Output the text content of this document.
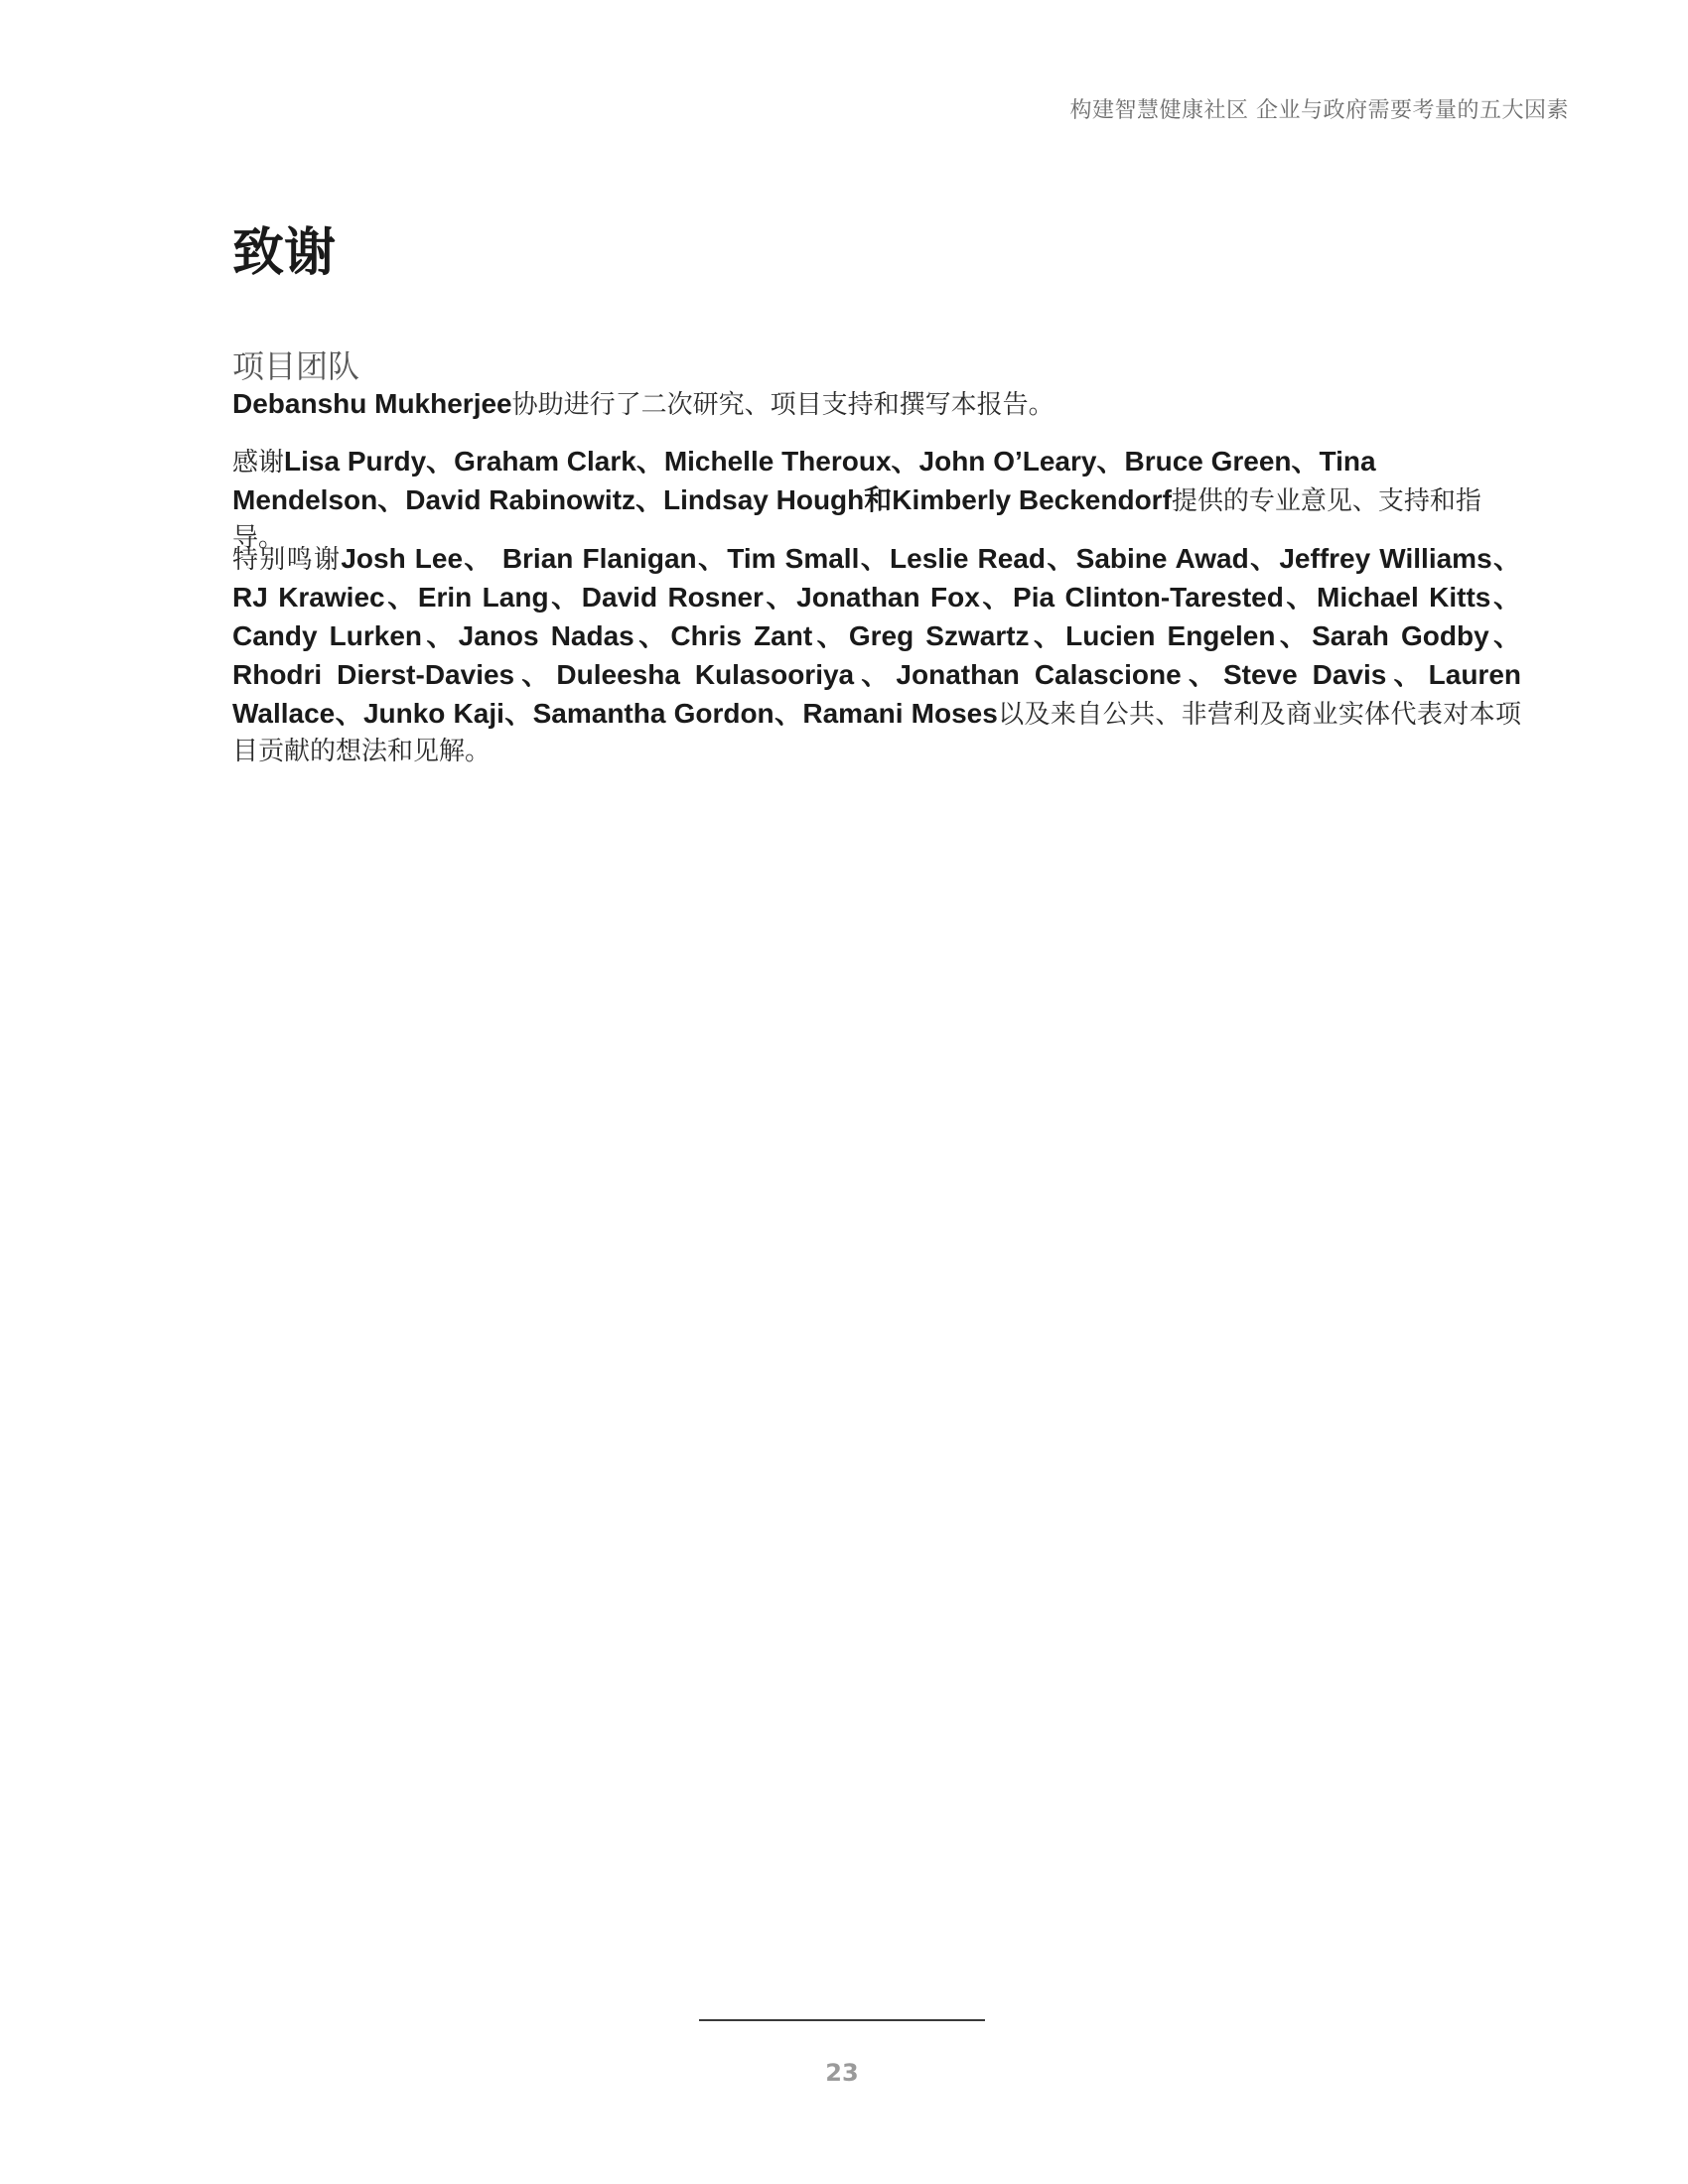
构建智慧健康社区 企业与政府需要考量的五大因素
致谢
项目团队

Debanshu Mukherjee协助进行了二次研究、项目支持和撰写本报告。

感谢Lisa Purdy、Graham Clark、Michelle Theroux、John O’Leary、Bruce Green、Tina Mendelson、David Rabinowitz、Lindsay Hough和Kimberly Beckendorf提供的专业意见、支持和指导。

特别鸣谢Josh Lee、 Brian Flanigan、Tim Small、Leslie Read、Sabine Awad、Jeffrey Williams、RJ Krawiec、Erin Lang、David Rosner、Jonathan Fox、Pia Clinton-Tarested、Michael Kitts、Candy Lurken、Janos Nadas、Chris Zant、Greg Szwartz、Lucien Engelen、Sarah Godby、Rhodri Dierst-Davies、Duleesha Kulasooriya、Jonathan Calascione、Steve Davis、Lauren Wallace、Junko Kaji、Samantha Gordon、Ramani Moses以及来自公共、非营利及商业实体代表对本项目贡献的想法和见解。

23
